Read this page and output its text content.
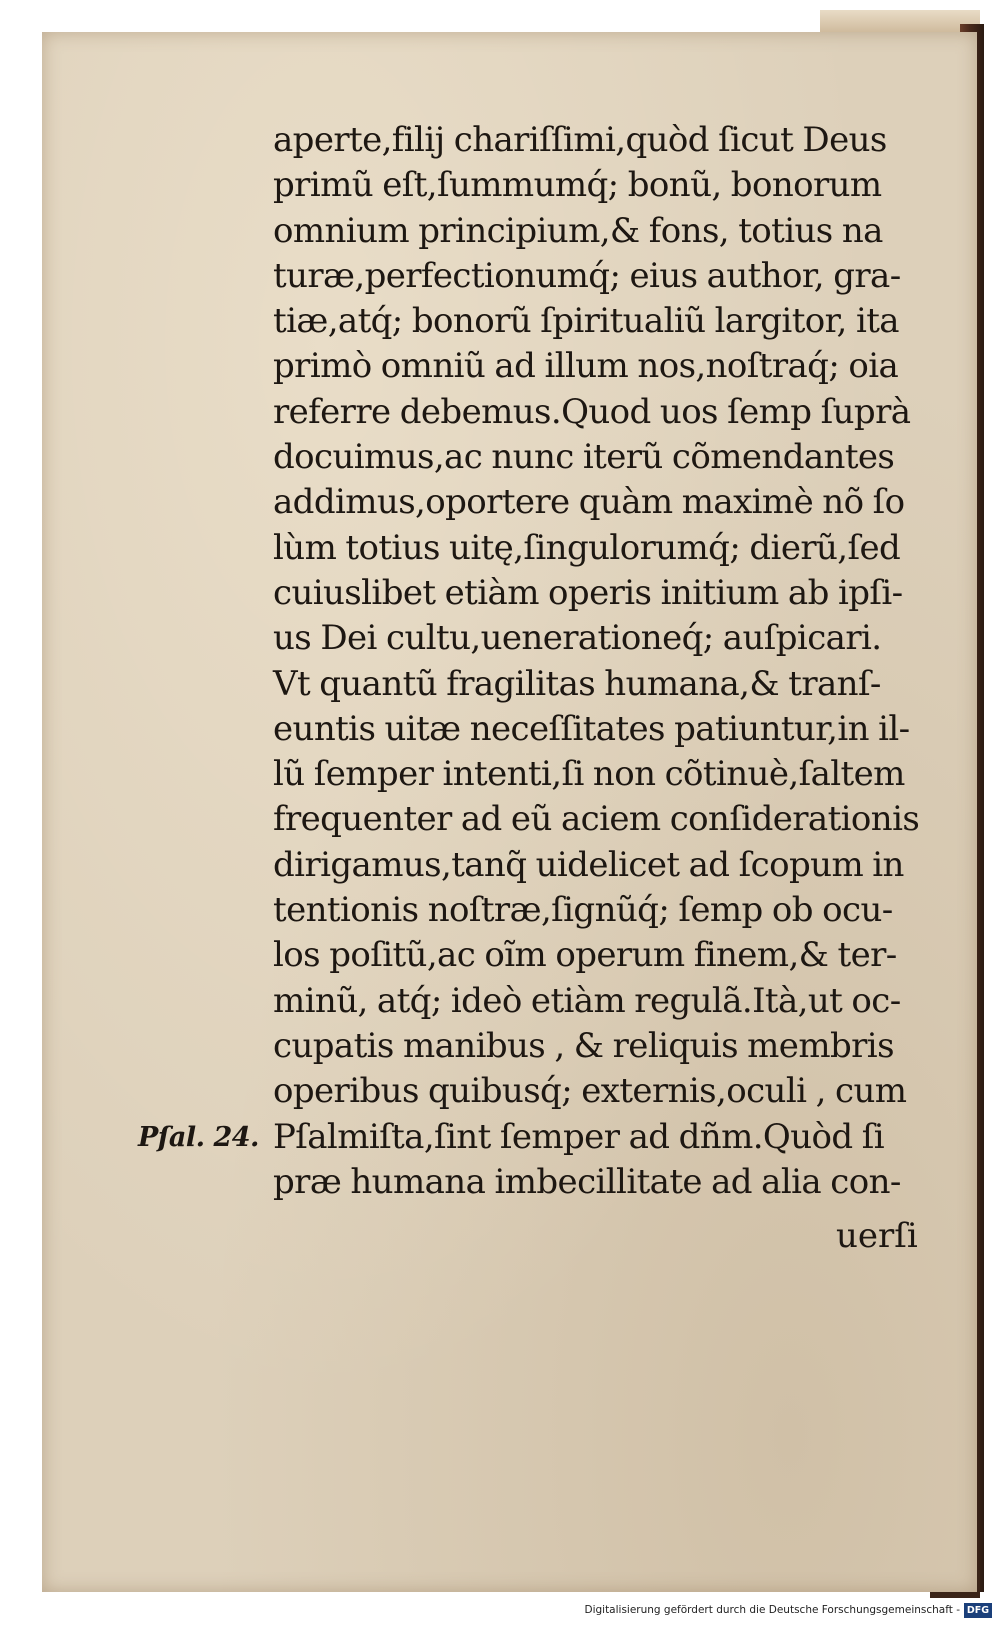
aperte,filij chariſſimi,quòd ſicut Deus
primũ eſt,ſummumq́; bonũ, bonorum
omnium principium,& fons, totius na
turæ,perfectionumq́; eius author, gra-
tiæ,atq́; bonorũ ſpiritualiũ largitor, ita
primò omniũ ad illum nos,noſtraq́; oia
referre debemus.Quod uos ſemp ſuprà
docuimus,ac nunc iterũ cõmendantes
addimus,oportere quàm maximè nõ ſo
lùm totius uitę,ſingulorumq́; dierũ,ſed
cuiuslibet etiàm operis initium ab ipſi-
us Dei cultu,uenerationeq́; auſpicari.
Vt quantũ fragilitas humana,& tranſ-
euntis uitæ neceſſitates patiuntur,in il-
lũ ſemper intenti,ſi non cõtinuè,ſaltem
frequenter ad eũ aciem conſiderationis
dirigamus,tanq̃ uidelicet ad ſcopum in
tentionis noſtræ,ſignũq́; ſemp ob ocu-
los poſitũ,ac oĩm operum finem,& ter-
minũ, atq́; ideò etiàm regulã.Ità,ut oc-
cupatis manibus , & reliquis membris
operibus quibusq́; externis,oculi , cum
Pſalmiſta,ſint ſemper ad dñm.Quòd ſi
præ humana imbecillitate ad alia con-
Pſal. 24.
uerſi
Digitalisierung gefördert durch die Deutsche Forschungsgemeinschaft - DFG
